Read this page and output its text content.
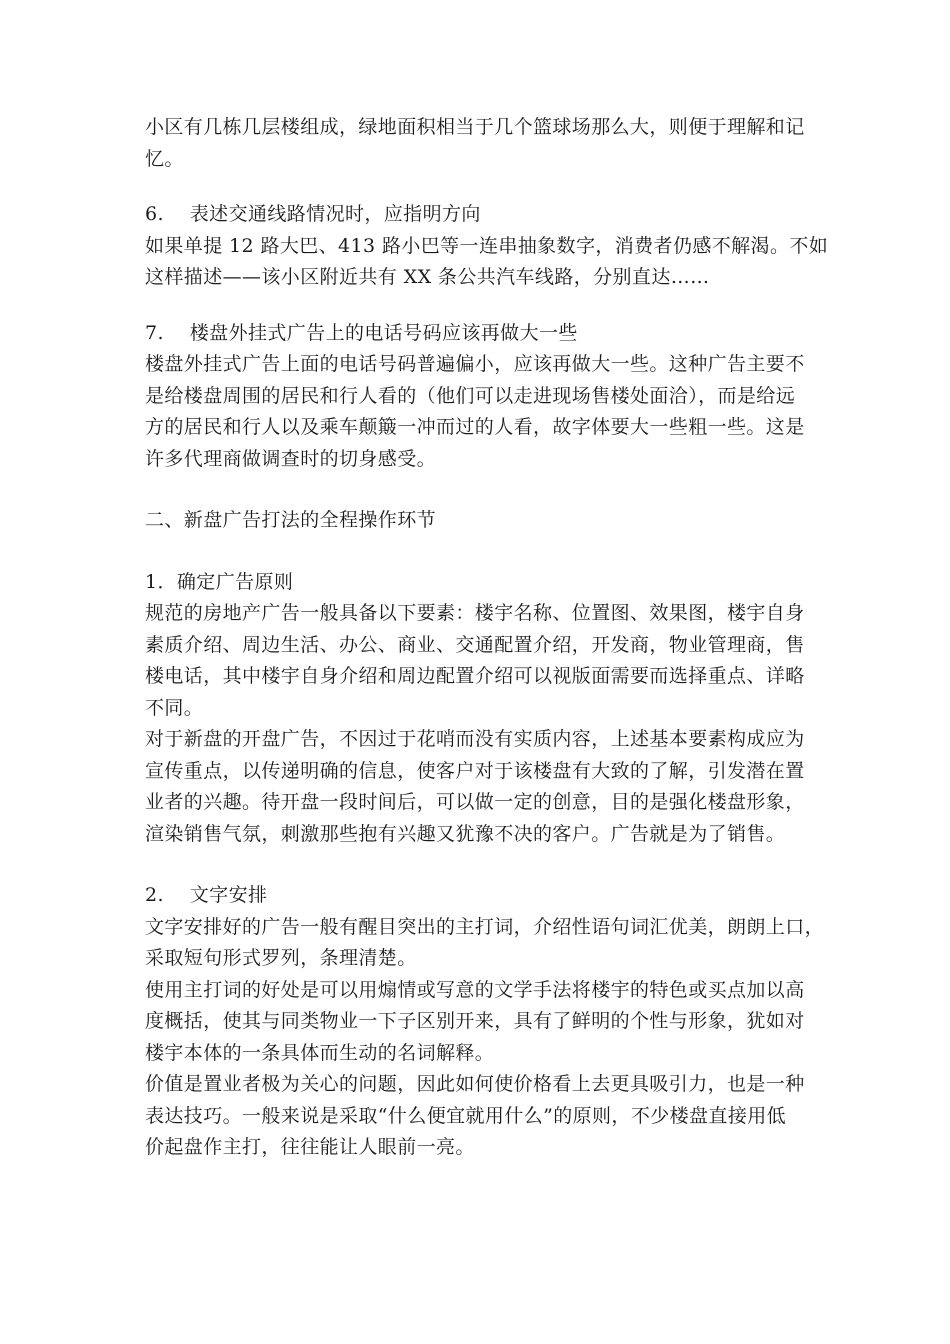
小区有几栋几层楼组成，绿地面积相当于几个篮球场那么大，则便于理解和记
忆。
6.　 表述交通线路情况时，应指明方向
如果单提 12 路大巴、413 路小巴等一连串抽象数字，消费者仍感不解渴。不如
这样描述——该小区附近共有 XX 条公共汽车线路，分别直达……
7.　 楼盘外挂式广告上的电话号码应该再做大一些
楼盘外挂式广告上面的电话号码普遍偏小，应该再做大一些。这种广告主要不
是给楼盘周围的居民和行人看的（他们可以走进现场售楼处面洽），而是给远
方的居民和行人以及乘车颠簸一冲而过的人看，故字体要大一些粗一些。这是
许多代理商做调查时的切身感受。
二、新盘广告打法的全程操作环节
1．确定广告原则
规范的房地产广告一般具备以下要素：楼宇名称、位置图、效果图，楼宇自身
素质介绍、周边生活、办公、商业、交通配置介绍，开发商，物业管理商，售
楼电话，其中楼宇自身介绍和周边配置介绍可以视版面需要而选择重点、详略
不同。
对于新盘的开盘广告，不因过于花哨而没有实质内容，上述基本要素构成应为
宣传重点，以传递明确的信息，使客户对于该楼盘有大致的了解，引发潜在置
业者的兴趣。待开盘一段时间后，可以做一定的创意，目的是强化楼盘形象，
渲染销售气氛，刺激那些抱有兴趣又犹豫不决的客户。广告就是为了销售。
2.　 文字安排
文字安排好的广告一般有醒目突出的主打词，介绍性语句词汇优美，朗朗上口，
采取短句形式罗列，条理清楚。
使用主打词的好处是可以用煽情或写意的文学手法将楼宇的特色或买点加以高
度概括，使其与同类物业一下子区别开来，具有了鲜明的个性与形象，犹如对
楼宇本体的一条具体而生动的名词解释。
价值是置业者极为关心的问题，因此如何使价格看上去更具吸引力，也是一种
表达技巧。一般来说是采取“什么便宜就用什么”的原则，不少楼盘直接用低
价起盘作主打，往往能让人眼前一亮。
